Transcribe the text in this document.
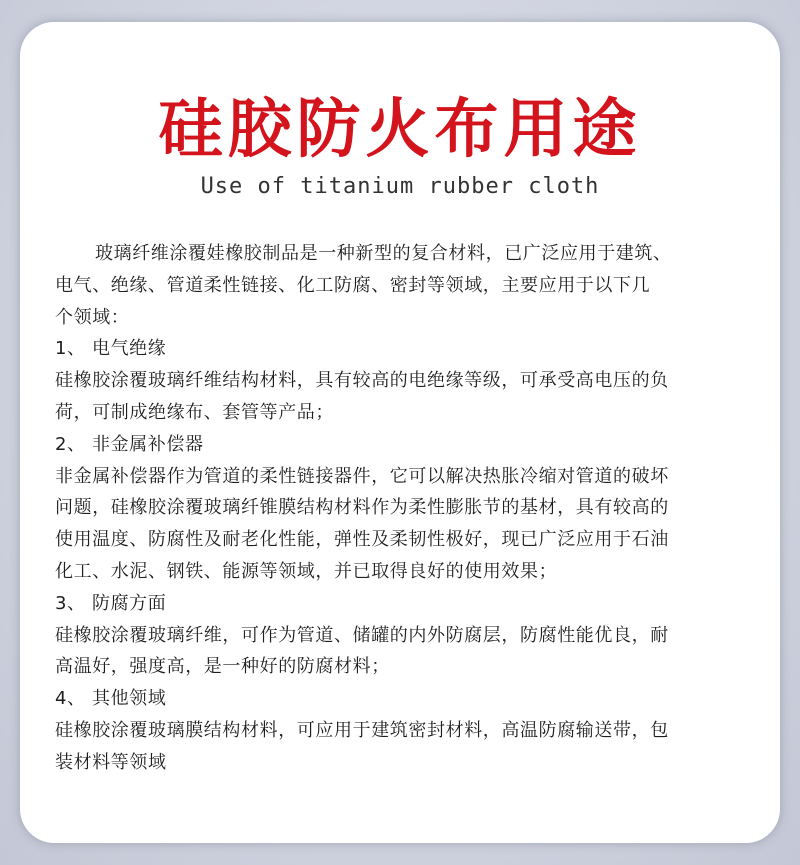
硅胶防火布用途
Use of titanium rubber cloth
玻璃纤维涂覆娃橡胶制品是一种新型的复合材料，已广泛应用于建筑、
电气、绝缘、管道柔性链接、化工防腐、密封等领域，主要应用于以下几
个领域：
1、 电气绝缘
硅橡胶涂覆玻璃纤维结构材料，具有较高的电绝缘等级，可承受高电压的负
荷，可制成绝缘布、套管等产品；
2、 非金属补偿器
非金属补偿器作为管道的柔性链接器件，它可以解决热胀冷缩对管道的破坏
问题，硅橡胶涂覆玻璃纤锥膜结构材料作为柔性膨胀节的基材，具有较高的
使用温度、防腐性及耐老化性能，弹性及柔韧性极好，现已广泛应用于石油
化工、水泥、钢铁、能源等领域，并已取得良好的使用效果；
3、 防腐方面
硅橡胶涂覆玻璃纤维，可作为管道、储罐的内外防腐层，防腐性能优良，耐
高温好，强度高，是一种好的防腐材料；
4、 其他领域
硅橡胶涂覆玻璃膜结构材料，可应用于建筑密封材料，高温防腐输送带，包
装材料等领域
